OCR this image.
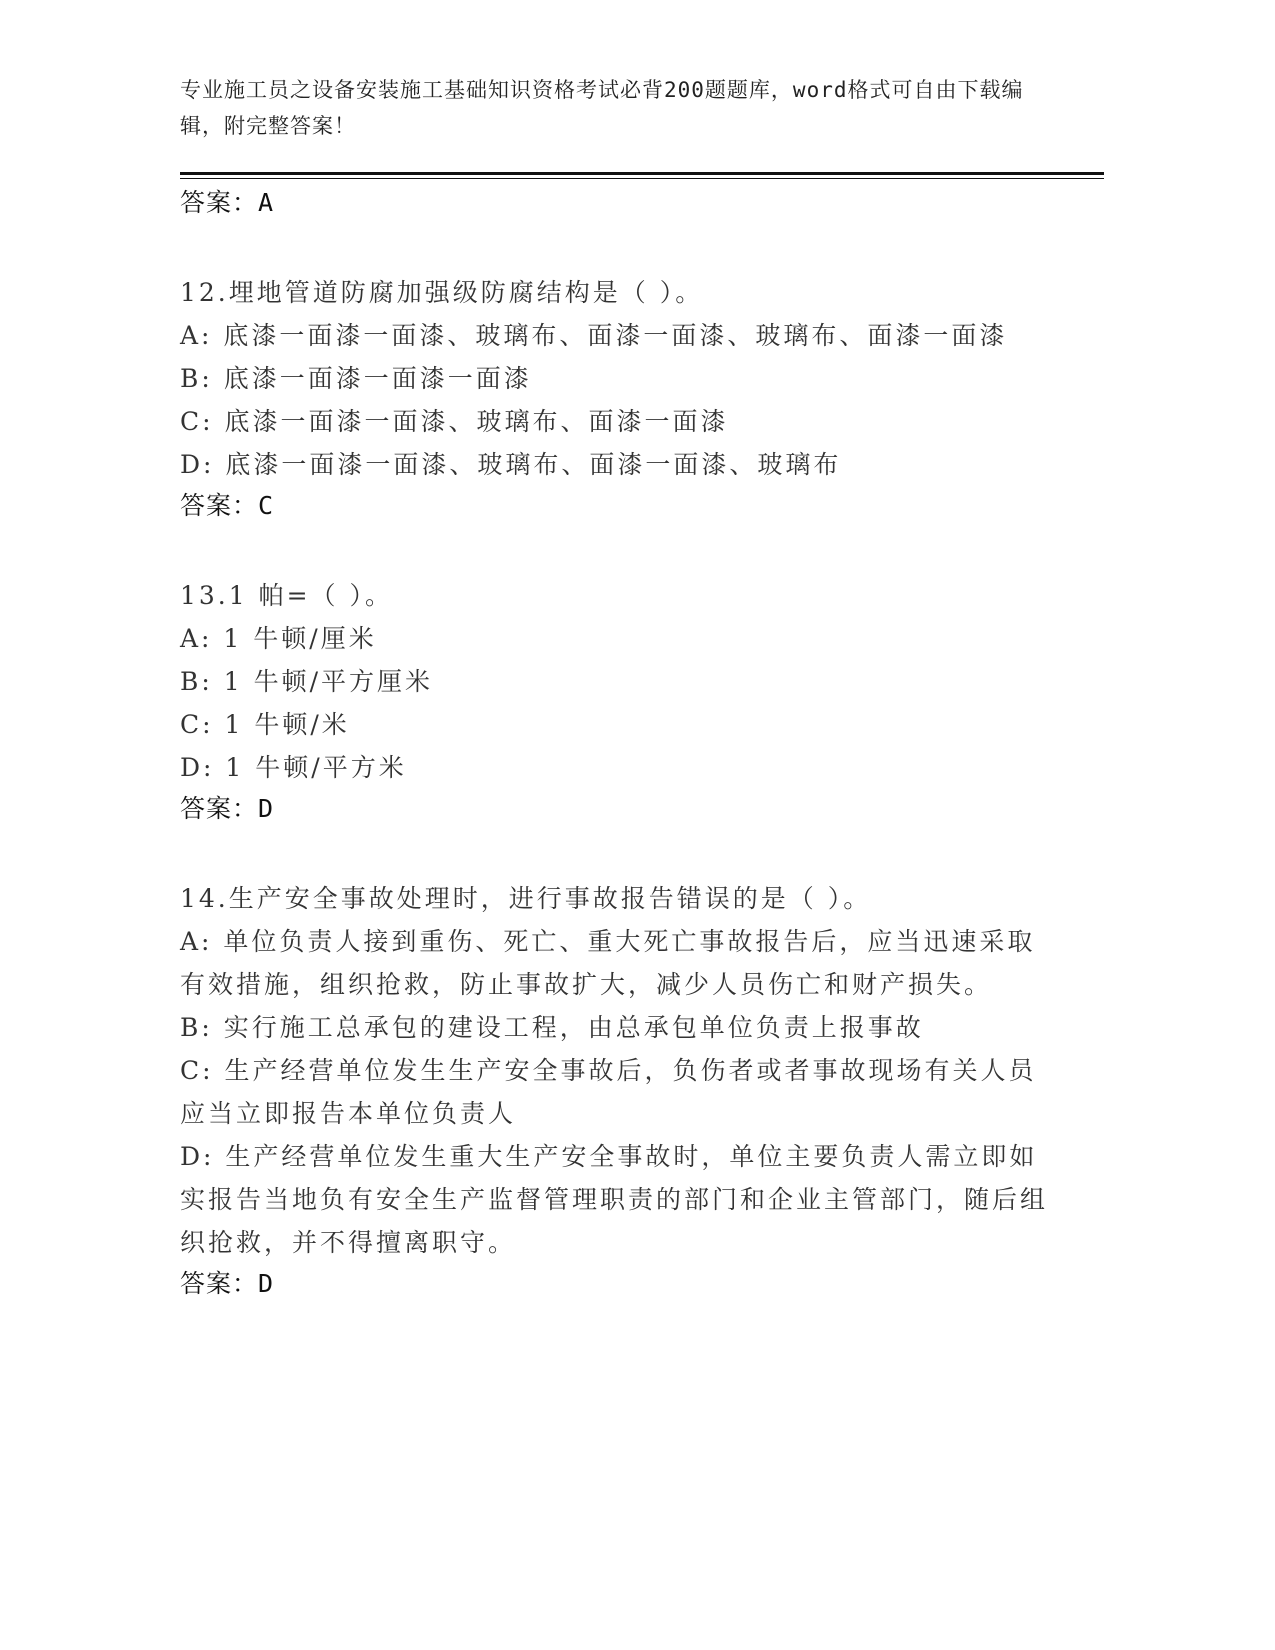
专业施工员之设备安装施工基础知识资格考试必背200题题库，word格式可自由下载编辑，附完整答案！
答案：A
12.埋地管道防腐加强级防腐结构是（ ）。
A: 底漆一面漆一面漆、玻璃布、面漆一面漆、玻璃布、面漆一面漆
B: 底漆一面漆一面漆一面漆
C: 底漆一面漆一面漆、玻璃布、面漆一面漆
D: 底漆一面漆一面漆、玻璃布、面漆一面漆、玻璃布
答案：C
13.1 帕=（ ）。
A: 1 牛顿/厘米
B: 1 牛顿/平方厘米
C: 1 牛顿/米
D: 1 牛顿/平方米
答案：D
14.生产安全事故处理时，进行事故报告错误的是（ ）。
A: 单位负责人接到重伤、死亡、重大死亡事故报告后，应当迅速采取有效措施，组织抢救，防止事故扩大，减少人员伤亡和财产损失。
B: 实行施工总承包的建设工程，由总承包单位负责上报事故
C: 生产经营单位发生生产安全事故后，负伤者或者事故现场有关人员应当立即报告本单位负责人
D: 生产经营单位发生重大生产安全事故时，单位主要负责人需立即如实报告当地负有安全生产监督管理职责的部门和企业主管部门，随后组织抢救，并不得擅离职守。
答案：D
